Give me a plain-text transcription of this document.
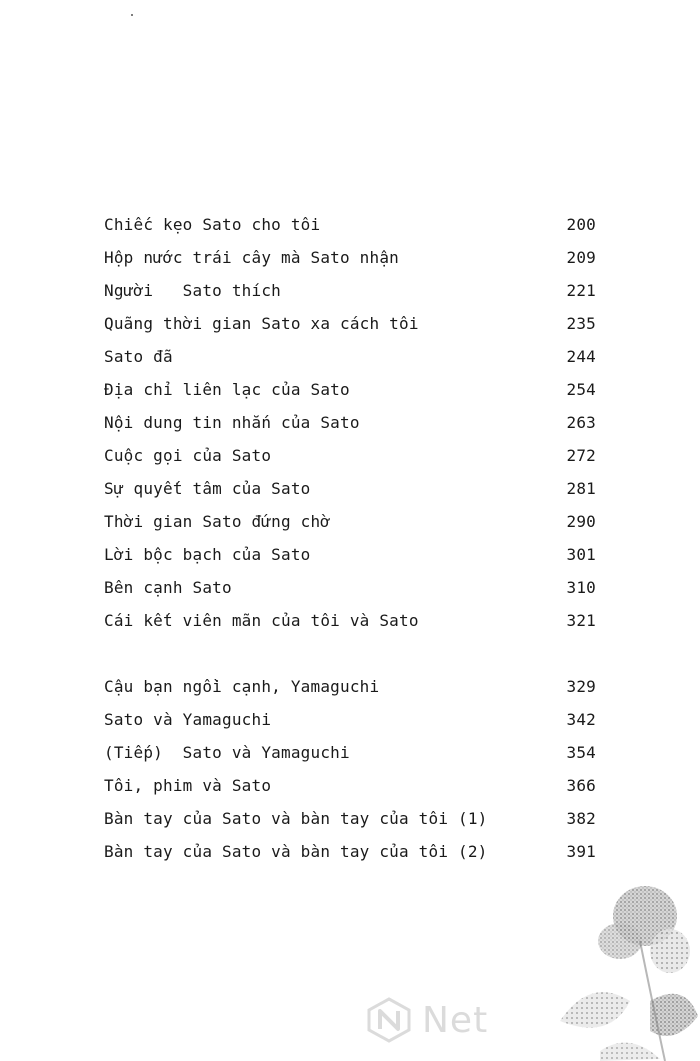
Chiếc kẹo Sato cho tôi	200
Hộp nước trái cây mà Sato nhận	209
Người   Sato thích	221
Quãng thời gian Sato xa cách tôi	235
Sato đã	244
Địa chỉ liên lạc của Sato	254
Nội dung tin nhắn của Sato	263
Cuộc gọi của Sato	272
Sự quyết tâm của Sato	281
Thời gian Sato đứng chờ	290
Lời bộc bạch của Sato	301
Bên cạnh Sato	310
Cái kết viên mãn của tôi và Sato	321
Cậu bạn ngồi cạnh, Yamaguchi	329
Sato và Yamaguchi	342
(Tiếp)  Sato và Yamaguchi	354
Tôi, phim và Sato	366
Bàn tay của Sato và bàn tay của tôi (1)	382
Bàn tay của Sato và bàn tay của tôi (2)	391
Net
